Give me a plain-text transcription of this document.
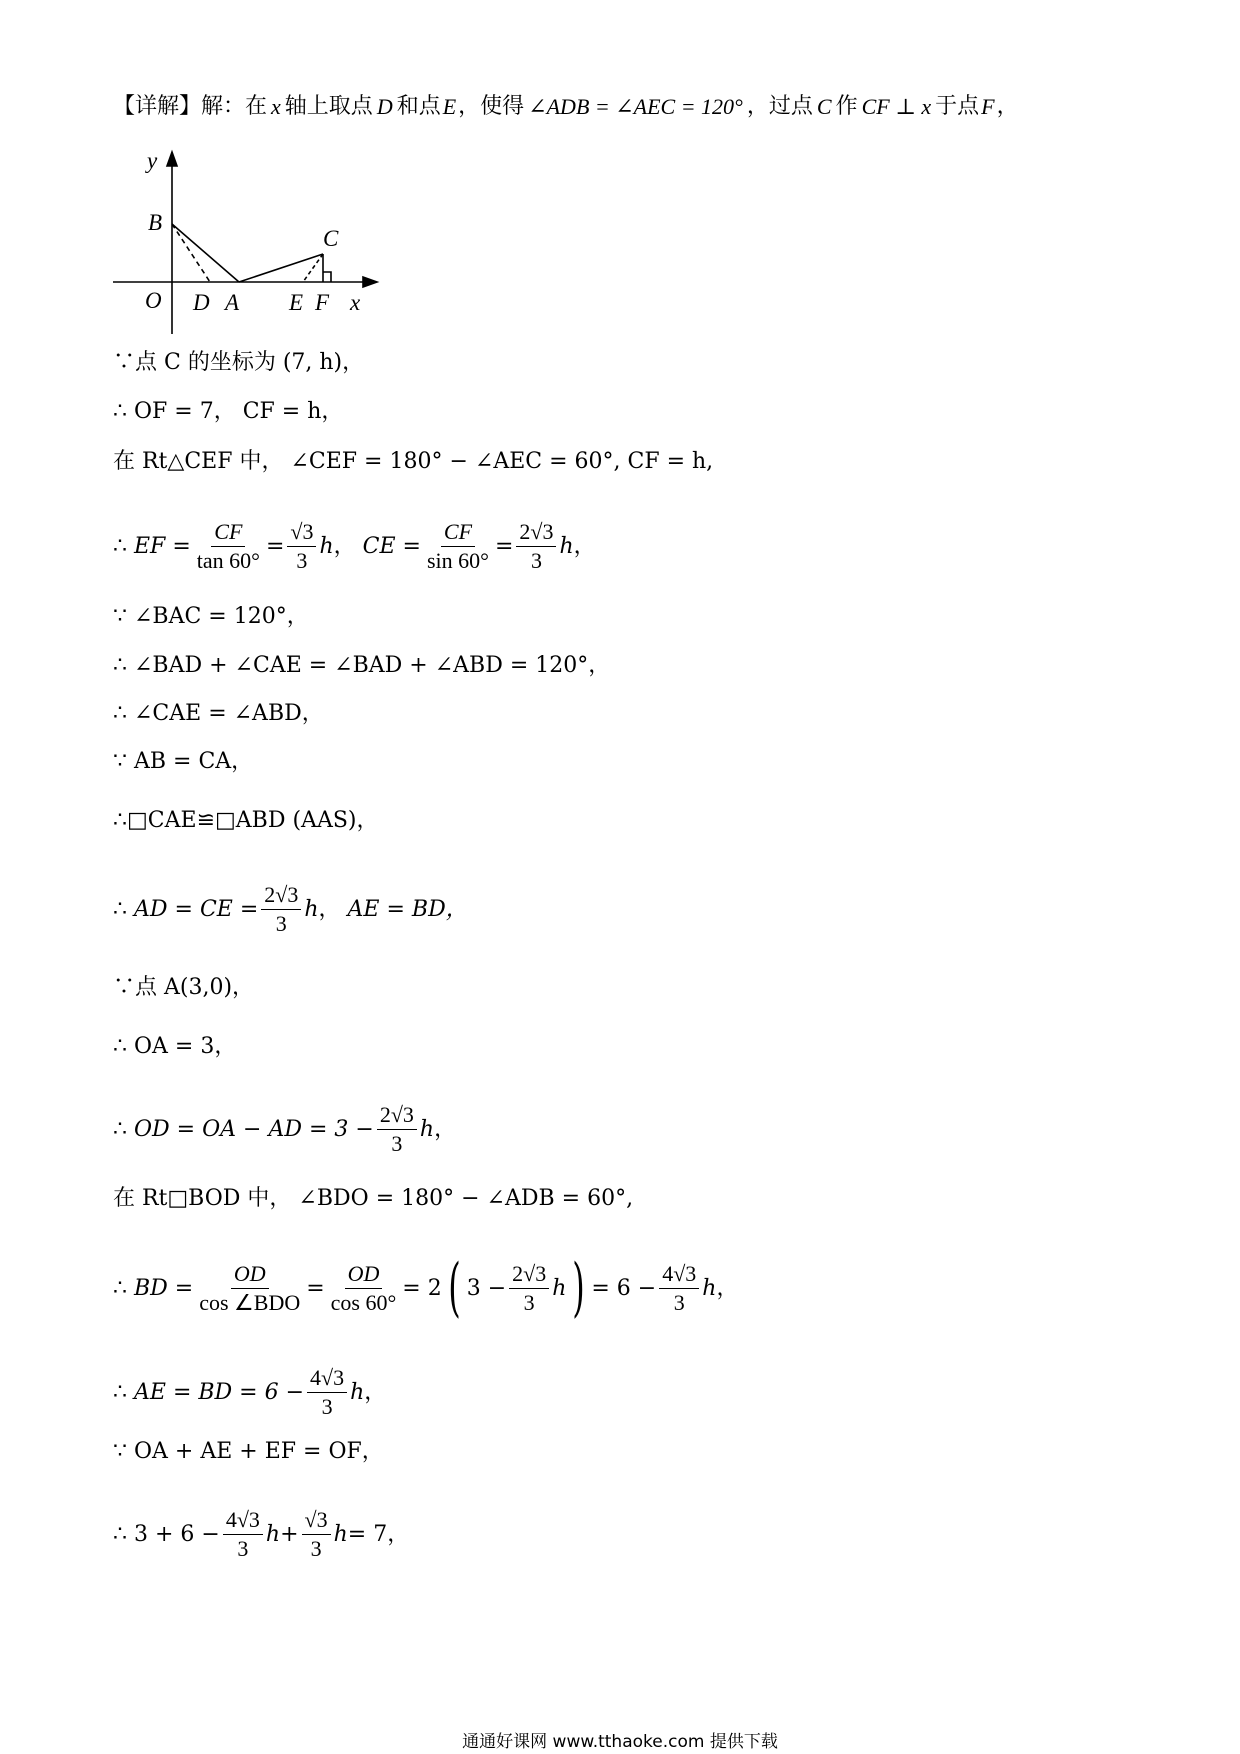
【详解】 解：在 x 轴上取点 D 和点 E ，使得 ∠ADB = ∠AEC = 120° ，过点 C 作 CF ⊥ x 于点 F ，
y
B
O D A E F x
C
∵点 C 的坐标为 (7, h)，
∴ OF = 7， CF = h，
在 Rt△CEF 中， ∠CEF = 180° − ∠AEC = 60°, CF = h,
∴
EF = $\frac{CF}{\tan 60^\circ} = \frac{√3}{3}$ h ，
CE = $\frac{CF}{\sin 60^\circ} = \frac{2√3}{3}$ h ，
∵ ∠BAC = 120°，
∴ ∠BAD + ∠CAE = ∠BAD + ∠ABD = 120°，
∴ ∠CAE = ∠ABD，
∵ AB = CA，
∴□CAE≌□ABD (AAS)，
∴
AD = CE = $\frac{2√3}{3}$ h ，
AE = BD，
∵点 A(3,0)，
∴ OA = 3，
∴
OD = OA − AD = $3 - \frac{2√3}{3}$ h ，
在 Rt□BOD 中， ∠BDO = 180° − ∠ADB = 60°,
∴
BD = $\frac{OD}{\text{cos ∠BDO}} = \frac{OD}{\cos 60^\circ} = 2$ ( $3 - \frac{2√3}{3}$ h ) = $6 - \frac{4√3}{3}$ h ，
∴
AE = BD = $6 - \frac{4√3}{3}$ h ，
∵ OA + AE + EF = OF，
∴
$3 + 6 - \frac{4√3}{3}$ $h + \frac{√3}{3}$ h = 7，
通通好课网 www.tthaoke.com 提供下载
